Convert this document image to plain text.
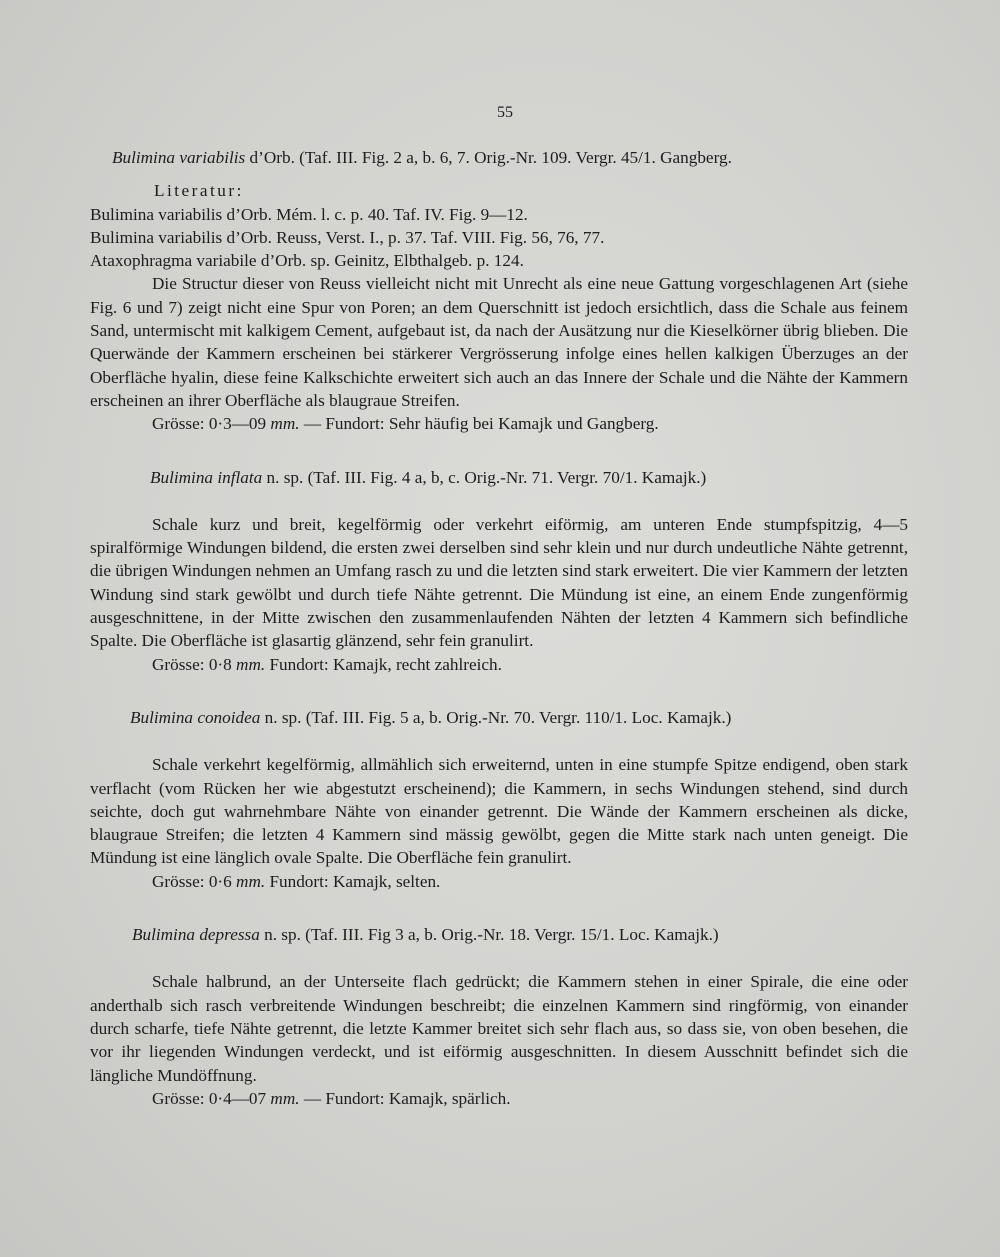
55

Bulimina variabilis d’Orb. (Taf. III. Fig. 2 a, b. 6, 7. Orig.-Nr. 109. Vergr. 45/1. Gangberg.

Literatur:

Bulimina variabilis d’Orb. Mém. l. c. p. 40. Taf. IV. Fig. 9—12.
Bulimina variabilis d’Orb. Reuss, Verst. I., p. 37. Taf. VIII. Fig. 56, 76, 77.
Ataxophragma variabile d’Orb. sp. Geinitz, Elbthalgeb. p. 124.

Die Structur dieser von Reuss vielleicht nicht mit Unrecht als eine neue Gattung vorgeschlagenen Art (siehe Fig. 6 und 7) zeigt nicht eine Spur von Poren; an dem Querschnitt ist jedoch ersichtlich, dass die Schale aus feinem Sand, untermischt mit kalkigem Cement, aufgebaut ist, da nach der Ausätzung nur die Kieselkörner übrig blieben. Die Querwände der Kammern erscheinen bei stärkerer Vergrösserung infolge eines hellen kalkigen Überzuges an der Oberfläche hyalin, diese feine Kalkschichte erweitert sich auch an das Innere der Schale und die Nähte der Kammern erscheinen an ihrer Oberfläche als blaugraue Streifen.

Grösse: 0·3—09 mm. — Fundort: Sehr häufig bei Kamajk und Gangberg.

Bulimina inflata n. sp. (Taf. III. Fig. 4 a, b, c. Orig.-Nr. 71. Vergr. 70/1. Kamajk.)

Schale kurz und breit, kegelförmig oder verkehrt eiförmig, am unteren Ende stumpfspitzig, 4—5 spiralförmige Windungen bildend, die ersten zwei derselben sind sehr klein und nur durch undeutliche Nähte getrennt, die übrigen Windungen nehmen an Umfang rasch zu und die letzten sind stark erweitert. Die vier Kammern der letzten Windung sind stark gewölbt und durch tiefe Nähte getrennt. Die Mündung ist eine, an einem Ende zungenförmig ausgeschnittene, in der Mitte zwischen den zusammenlaufenden Nähten der letzten 4 Kammern sich befindliche Spalte. Die Oberfläche ist glasartig glänzend, sehr fein granulirt.

Grösse: 0·8 mm. Fundort: Kamajk, recht zahlreich.

Bulimina conoidea n. sp. (Taf. III. Fig. 5 a, b. Orig.-Nr. 70. Vergr. 110/1. Loc. Kamajk.)

Schale verkehrt kegelförmig, allmählich sich erweiternd, unten in eine stumpfe Spitze endigend, oben stark verflacht (vom Rücken her wie abgestutzt erscheinend); die Kammern, in sechs Windungen stehend, sind durch seichte, doch gut wahrnehmbare Nähte von einander getrennt. Die Wände der Kammern erscheinen als dicke, blaugraue Streifen; die letzten 4 Kammern sind mässig gewölbt, gegen die Mitte stark nach unten geneigt. Die Mündung ist eine länglich ovale Spalte. Die Oberfläche fein granulirt.

Grösse: 0·6 mm. Fundort: Kamajk, selten.

Bulimina depressa n. sp. (Taf. III. Fig 3 a, b. Orig.-Nr. 18. Vergr. 15/1. Loc. Kamajk.)

Schale halbrund, an der Unterseite flach gedrückt; die Kammern stehen in einer Spirale, die eine oder anderthalb sich rasch verbreitende Windungen beschreibt; die einzelnen Kammern sind ringförmig, von einander durch scharfe, tiefe Nähte getrennt, die letzte Kammer breitet sich sehr flach aus, so dass sie, von oben besehen, die vor ihr liegenden Windungen verdeckt, und ist eiförmig ausgeschnitten. In diesem Ausschnitt befindet sich die längliche Mundöffnung.

Grösse: 0·4—07 mm. — Fundort: Kamajk, spärlich.
